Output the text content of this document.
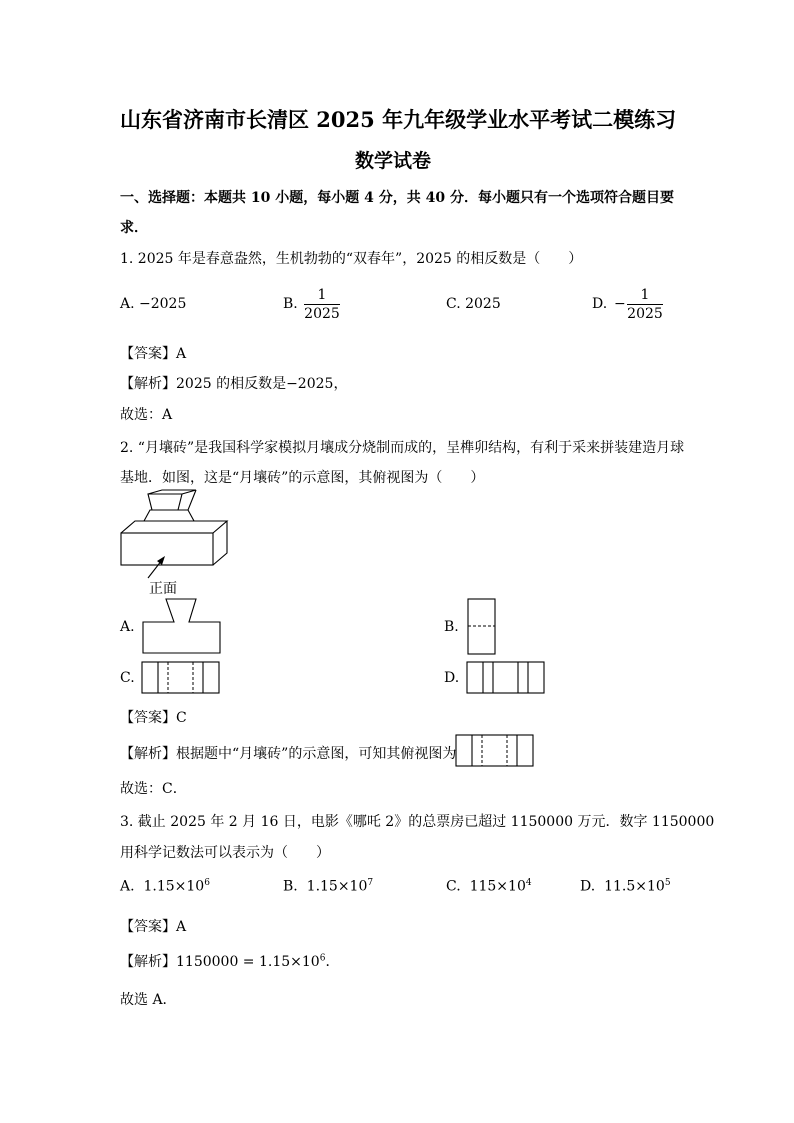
山东省济南市长清区 2025 年九年级学业水平考试二模练习
数学试卷
一、选择题：本题共 10 小题，每小题 4 分，共 40 分．每小题只有一个选项符合题目要
求．
1. 2025 年是春意盎然，生机勃勃的“双春年”，2025 的相反数是（　　）
A. −2025	B.
1
2025
C. 2025	D. −
1
2025
【答案】A
【解析】2025 的相反数是−2025，
故选：A
2. “月壤砖”是我国科学家模拟月壤成分烧制而成的，呈榫卯结构，有利于采来拼装建造月球
基地．如图，这是“月壤砖”的示意图，其俯视图为（　　）
正面
A.	B.
C.	D.
【答案】C
【解析】根据题中“月壤砖”的示意图，可知其俯视图为
故选：C．
3. 截止 2025 年 2 月 16 日，电影《哪吒 2》的总票房已超过 1150000 万元．数字 1150000
用科学记数法可以表示为（　　）
A. $1.15\times 10^6$	B. $1.15\times 10^7$	C. $115\times 10^4$	D. $11.5\times 10^5$
【答案】A
【解析】$1150000 = 1.15\times 10^6$．
故选 A．
